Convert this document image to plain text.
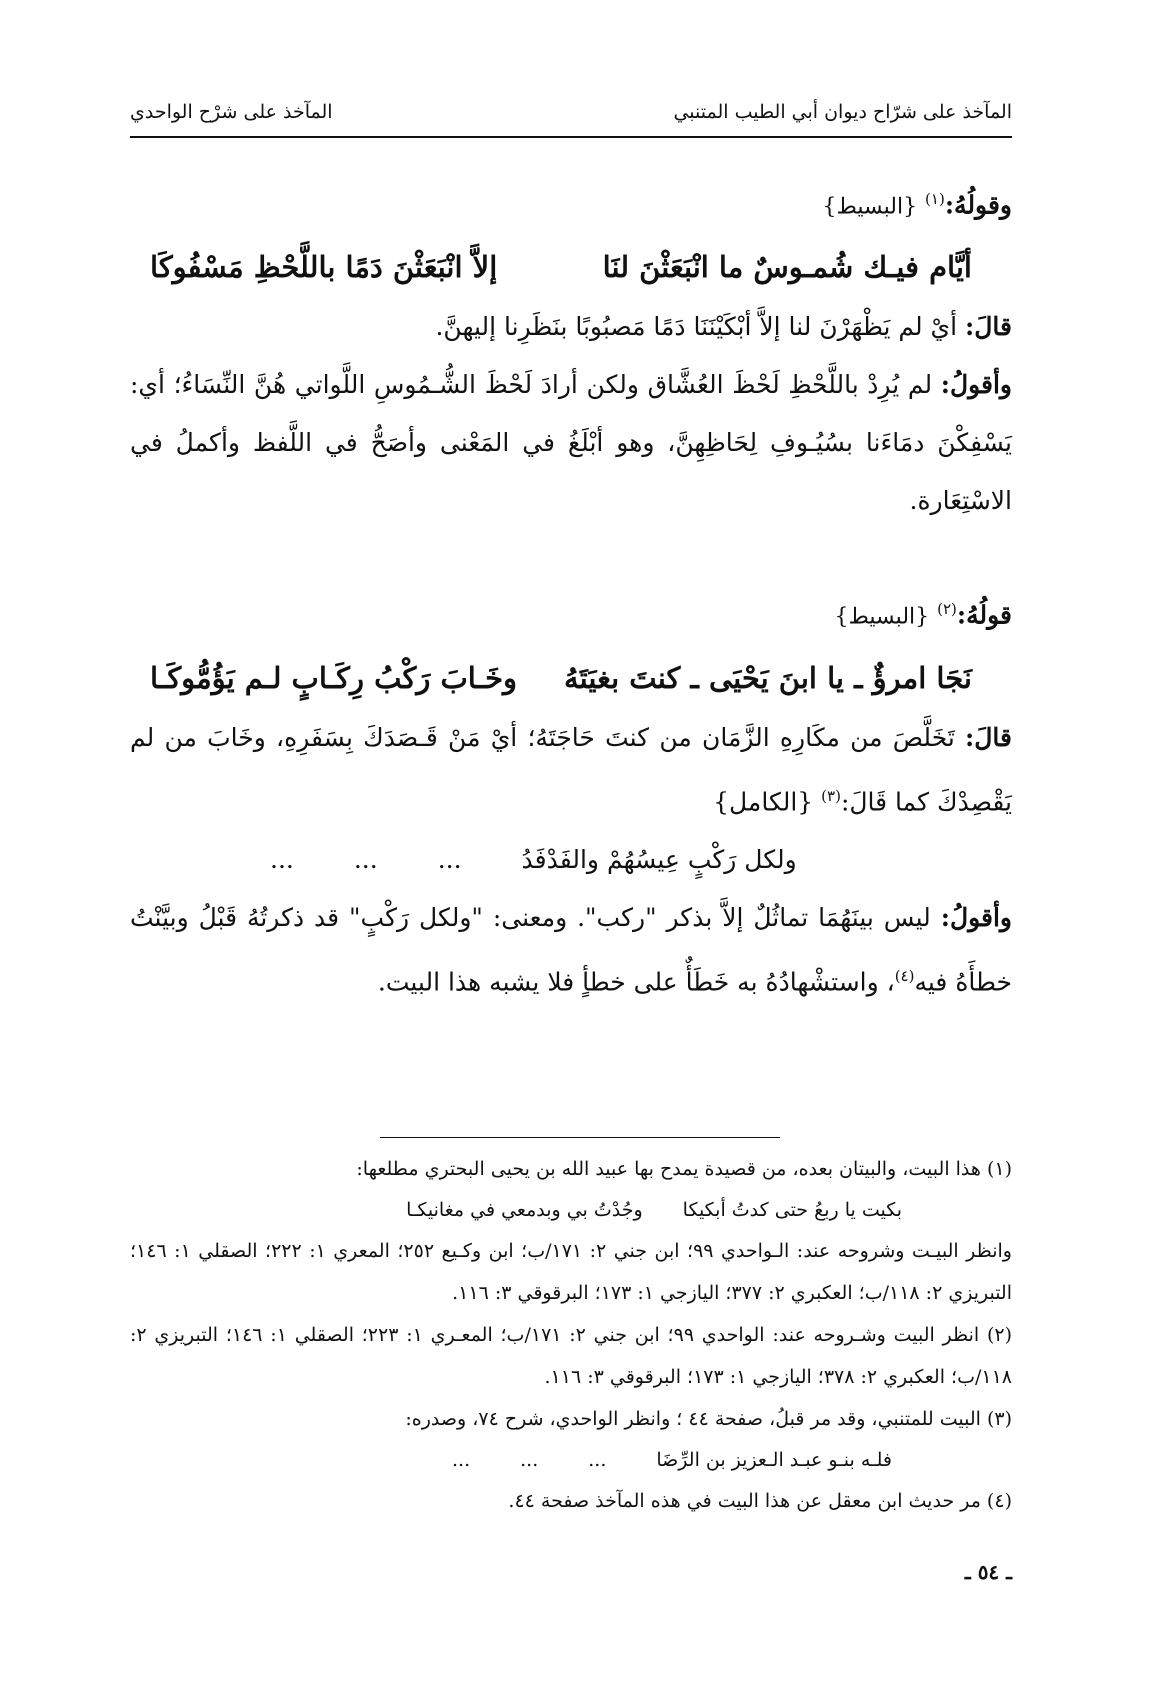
المآخذ على شرّاح ديوان أبي الطيب المتنبي
المآخذ على شرْح الواحدي

وقولُهُ:$^{(١)}$ {البسيط}

أيَّام فيـك شُمـوسٌ ما انْبَعَثْنَ لنَا
إلاَّ انْبَعَثْنَ دَمًا باللَّحْظِ مَسْفُوكَا

قالَ: أيْ لم يَظْهَرْنَ لنا إلاَّ أبْكَيْنَنَا دَمًا مَصبُوبًا بنَظَرِنا إليهنَّ.

وأقولُ: لم يُرِدْ باللَّحْظِ لَحْظَ العُشَّاق ولكن أرادَ لَحْظَ الشُّـمُوسِ اللَّواتي هُنَّ النِّسَاءُ؛ أي: يَسْفِكْنَ دمَاءَنا بسُيُـوفِ لِحَاظِهِنَّ، وهو أبْلَغُ في المَعْنى وأصَحُّ في اللَّفظ وأكملُ في الاسْتِعَارة.

قولُهُ:$^{(٢)}$ {البسيط}

نَجَا امرؤٌ ـ يا ابنَ يَحْيَى ـ كنتَ بغيَتَهُ
وخَـابَ رَكْبُ رِكَـابٍ لـم يَؤُمُّوكَـا

قالَ: تَخَلَّصَ من مكَارِهِ الزَّمَان من كنتَ حَاجَتَهُ؛ أيْ مَنْ قَـصَدَكَ بِسَفَرِهِ، وخَابَ من لم يَقْصِدْكَ كما قَالَ:$^{(٣)}$ {الكامل}

ولكل رَكْبٍ عِيسُهُمْ والفَدْفَدُ
...
...
...

وأقولُ: ليس بينَهُمَا تماثُلٌ إلاَّ بذكر "ركب". ومعنى: "ولكل رَكْبٍ" قد ذكرتُهُ قَبْلُ وبيَّنْتُ خطأَهُ فيه$^{(٤)}$، واستشْهادُهُ به خَطَأٌ على خطأٍ فلا يشبه هذا البيت.

(١) هذا البيت، والبيتان بعده، من قصيدة يمدح بها عبيد الله بن يحيى البحتري مطلعها:
بكيت يا ربعُ حتى كدتُ أبكيكا
وجُدْتُ بي وبدمعي في مغانيكـا
وانظر البيـت وشروحه عند: الـواحدي ٩٩؛ ابن جني ٢: ١٧١/ب؛ ابن وكـيع ٢٥٢؛ المعري ١: ٢٢٢؛ الصقلي ١: ١٤٦؛ التبريزي ٢: ١١٨/ب؛ العكبري ٢: ٣٧٧؛ اليازجي ١: ١٧٣؛ البرقوقي ٣: ١١٦.
(٢) انظر البيت وشـروحه عند: الواحدي ٩٩؛ ابن جني ٢: ١٧١/ب؛ المعـري ١: ٢٢٣؛ الصقلي ١: ١٤٦؛ التبريزي ٢: ١١٨/ب؛ العكبري ٢: ٣٧٨؛ اليازجي ١: ١٧٣؛ البرقوقي ٣: ١١٦.
(٣) البيت للمتنبي، وقد مر قبلُ، صفحة ٤٤ ؛ وانظر الواحدي، شرح ٧٤، وصدره:
فلـه بنـو عبـد الـعزيز بن الرِّضَا
...
...
...
(٤) مر حديث ابن معقل عن هذا البيت في هذه المآخذ صفحة ٤٤.
ـ ٥٤ ـ
